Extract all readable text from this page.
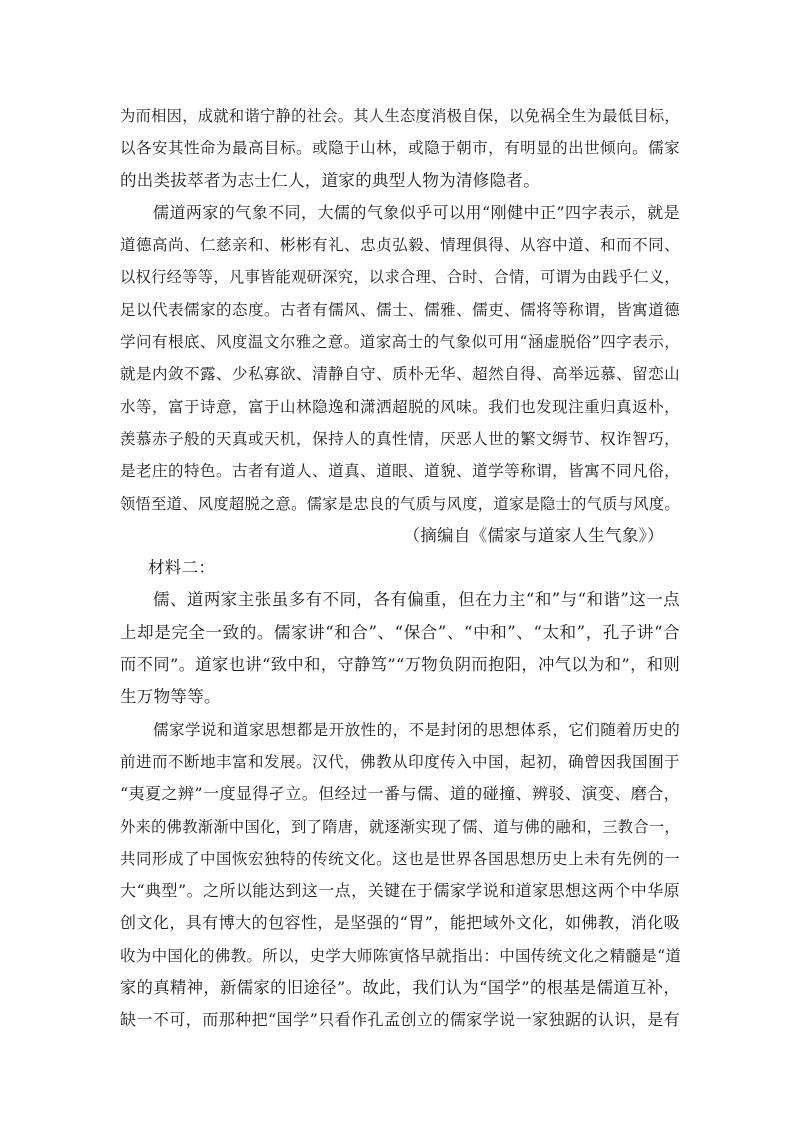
为而相因，成就和谐宁静的社会。其人生态度消极自保，以免祸全生为最低目标，
以各安其性命为最高目标。或隐于山林，或隐于朝市，有明显的出世倾向。儒家
的出类拔萃者为志士仁人，道家的典型人物为清修隐者。
儒道两家的气象不同，大儒的气象似乎可以用“刚健中正”四字表示，就是
道德高尚、仁慈亲和、彬彬有礼、忠贞弘毅、情理俱得、从容中道、和而不同、
以权行经等等，凡事皆能观研深究，以求合理、合时、合情，可谓为由践乎仁义，
足以代表儒家的态度。古者有儒风、儒士、儒雅、儒吏、儒将等称谓，皆寓道德
学问有根底、风度温文尔雅之意。道家高士的气象似可用“涵虚脱俗”四字表示，
就是内敛不露、少私寡欲、清静自守、质朴无华、超然自得、高举远慕、留恋山
水等，富于诗意，富于山林隐逸和潇洒超脱的风味。我们也发现注重归真返朴，
羡慕赤子般的天真或天机，保持人的真性情，厌恶人世的繁文缛节、权诈智巧，
是老庄的特色。古者有道人、道真、道眼、道貌、道学等称谓，皆寓不同凡俗，
领悟至道、风度超脱之意。儒家是忠良的气质与风度，道家是隐士的气质与风度。
（摘编自《儒家与道家人生气象》）
材料二：
儒、道两家主张虽多有不同，各有偏重，但在力主“和”与“和谐”这一点
上却是完全一致的。儒家讲“和合”、“保合”、“中和”、“太和”，孔子讲“合
而不同”。道家也讲“致中和，守静笃”“万物负阴而抱阳，冲气以为和”，和则
生万物等等。
儒家学说和道家思想都是开放性的，不是封闭的思想体系，它们随着历史的
前进而不断地丰富和发展。汉代，佛教从印度传入中国，起初，确曾因我国囿于
“夷夏之辨”一度显得孑立。但经过一番与儒、道的碰撞、辨驳、演变、磨合，
外来的佛教渐渐中国化，到了隋唐，就逐渐实现了儒、道与佛的融和，三教合一，
共同形成了中国恢宏独特的传统文化。这也是世界各国思想历史上未有先例的一
大“典型”。之所以能达到这一点，关键在于儒家学说和道家思想这两个中华原
创文化，具有博大的包容性，是坚强的“胃”，能把域外文化，如佛教，消化吸
收为中国化的佛教。所以，史学大师陈寅恪早就指出：中国传统文化之精髓是“道
家的真精神，新儒家的旧途径”。故此，我们认为“国学”的根基是儒道互补，
缺一不可，而那种把“国学”只看作孔孟创立的儒家学说一家独踞的认识，是有
